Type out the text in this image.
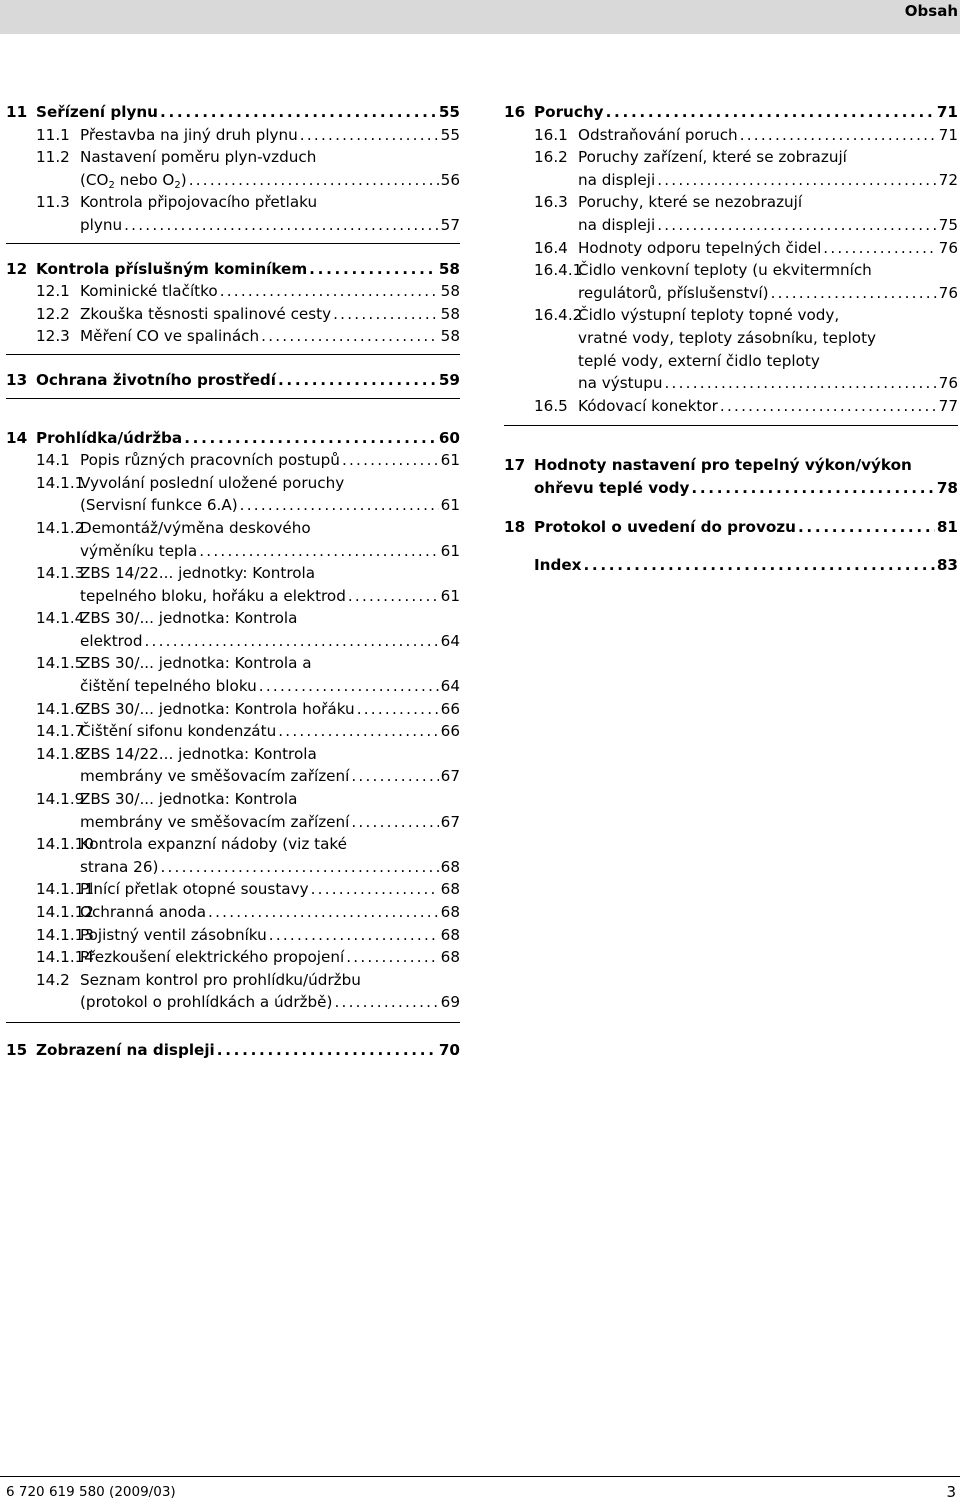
Obsah
11 Seřízení plynu . . .	55
11.1 Přestavba na jiný druh plynu . . .	55
11.2 Nastavení poměru plyn-vzduch
($CO_2$ nebo $O_2$) . . .	56
11.3 Kontrola připojovacího přetlaku
plynu . . .	57
12 Kontrola příslušným kominíkem . . .	58
12.1 Kominické tlačítko . . .	58
12.2 Zkouška těsnosti spalinové cesty . . .	58
12.3 Měření CO ve spalinách . . .	58
13 Ochrana životního prostředí . . .	59
14 Prohlídka/údržba . . .	60
14.1 Popis různých pracovních postupů . . .	61
14.1.1
Vyvolání poslední uložené poruchy
(Servisní funkce 6.A) . . .	61
14.1.2
Demontáž/výměna deskového
výměníku tepla . . .	61
14.1.3
ZBS 14/22... jednotky: Kontrola
tepelného bloku, hořáku a elektrod . . .	61
14.1.4
ZBS 30/... jednotka: Kontrola
elektrod . . .	64
14.1.5
ZBS 30/... jednotka: Kontrola a
čištění tepelného bloku . . .	64
14.1.6
ZBS 30/... jednotka: Kontrola hořáku . . .	66
14.1.7
Čištění sifonu kondenzátu . . .	66
14.1.8
ZBS 14/22... jednotka: Kontrola
membrány ve směšovacím zařízení . . .	67
14.1.9
ZBS 30/... jednotka: Kontrola
membrány ve směšovacím zařízení . . .	67
14.1.10
Kontrola expanzní nádoby (viz také
strana 26) . . .	68
14.1.11
Plnící přetlak otopné soustavy . . .	68
14.1.12
Ochranná anoda . . .	68
14.1.13
Pojistný ventil zásobníku . . .	68
14.1.14
Přezkoušení elektrického propojení . . .	68
14.2 Seznam kontrol pro prohlídku/údržbu
(protokol o prohlídkách a údržbě) . . .	69
15 Zobrazení na displeji . . .	70
16 Poruchy . . .	71
16.1 Odstraňování poruch . . .	71
16.2 Poruchy zařízení, které se zobrazují
na displeji . . .	72
16.3 Poruchy, které se nezobrazují
na displeji . . .	75
16.4 Hodnoty odporu tepelných čidel . . .	76
16.4.1
Čidlo venkovní teploty (u ekvitermních
regulátorů, příslušenství) . . .	76
16.4.2
Čidlo výstupní teploty topné vody,
vratné vody, teploty zásobníku, teploty
teplé vody, externí čidlo teploty
na výstupu . . .	76
16.5 Kódovací konektor . . .	77
17 Hodnoty nastavení pro tepelný výkon/výkon
ohřevu teplé vody . . .	78
18 Protokol o uvedení do provozu . . .	81
Index . . .	83
6 720 619 580 (2009/03)	3
